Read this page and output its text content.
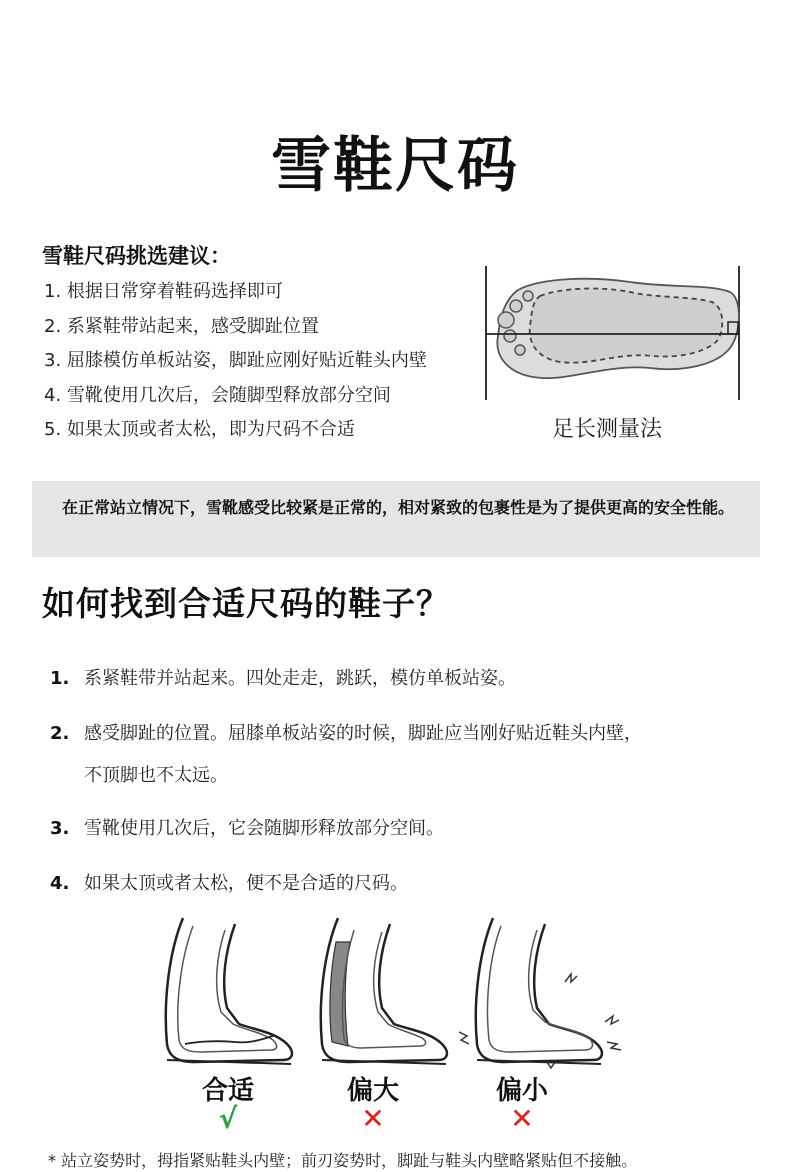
雪鞋尺码
雪鞋尺码挑选建议：
1. 根据日常穿着鞋码选择即可
2. 系紧鞋带站起来，感受脚趾位置
3. 屈膝模仿单板站姿，脚趾应刚好贴近鞋头内壁
4. 雪靴使用几次后，会随脚型释放部分空间
5. 如果太顶或者太松，即为尺码不合适	足长测量法
在正常站立情况下，雪靴感受比较紧是正常的，相对紧致的包裹性是为了提供更高的安全性能。
如何找到合适尺码的鞋子？
1. 系紧鞋带并站起来。四处走走，跳跃，模仿单板站姿。
2. 感受脚趾的位置。屈膝单板站姿的时候，脚趾应当刚好贴近鞋头内壁，
不顶脚也不太远。
3. 雪靴使用几次后，它会随脚形释放部分空间。
4. 如果太顶或者太松，便不是合适的尺码。
合适	偏大	偏小
√	✕	✕
* 站立姿势时，拇指紧贴鞋头内壁；前刃姿势时，脚趾与鞋头内壁略紧贴但不接触。
